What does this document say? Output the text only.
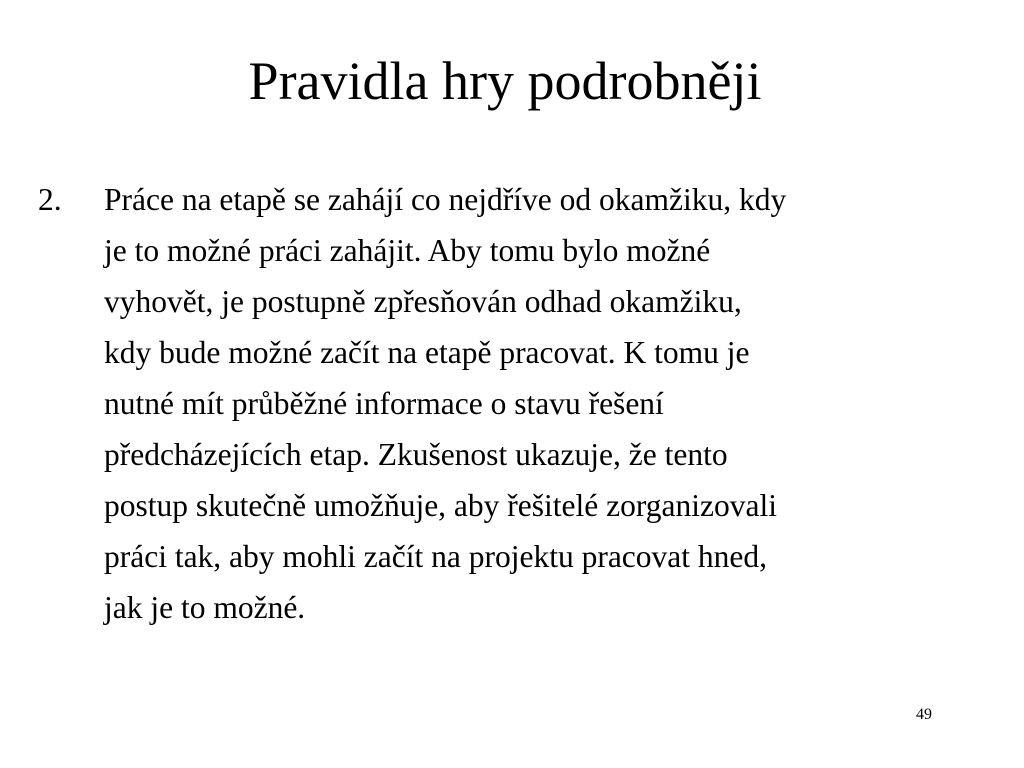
Pravidla hry podrobněji
2.	Práce na etapě se zahájí co nejdříve od okamžiku, kdy
je to možné práci zahájit. Aby tomu bylo možné
vyhovět, je postupně zpřesňován odhad okamžiku,
kdy bude možné začít na etapě pracovat. K tomu je
nutné mít průběžné informace o stavu řešení
předcházejících etap. Zkušenost ukazuje, že tento
postup skutečně umožňuje, aby řešitelé zorganizovali
práci tak, aby mohli začít na projektu pracovat hned,
jak je to možné.
49
